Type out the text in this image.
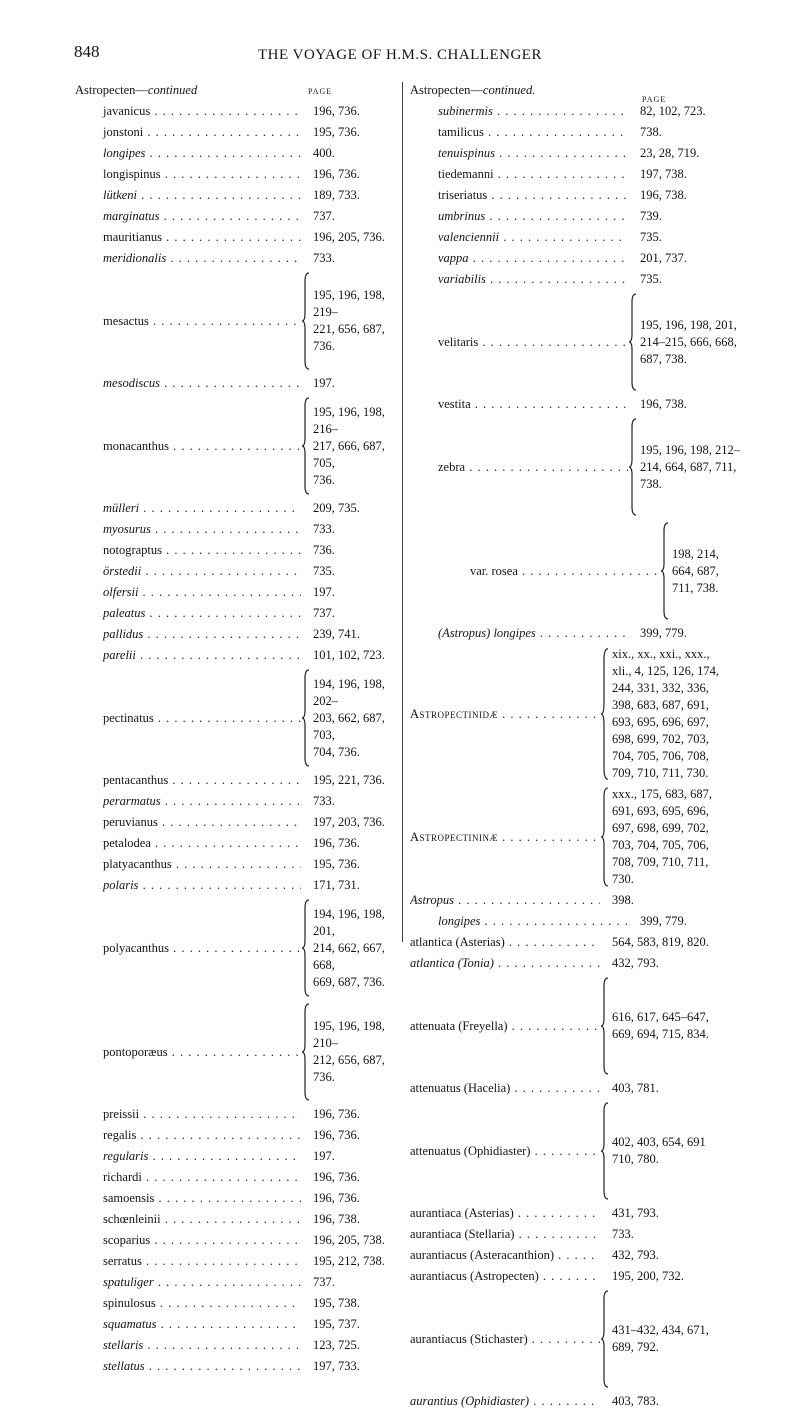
848	THE VOYAGE OF H.M.S. CHALLENGER
Astropecten—continued	PAGE
javanicus . .	196, 736.
jonstoni . .	195, 736.
longipes . .	400.
longispinus . .	196, 736.
lütkeni . .	189, 733.
marginatus . .	737.
mauritianus . .	196, 205, 736.
meridionalis . .	733.
mesactus . .
195, 196, 198, 219–
221, 656, 687, 736.
mesodiscus . .	197.
monacanthus . .
195, 196, 198, 216–
217, 666, 687, 705,
736.
mülleri . .	209, 735.
myosurus . .	733.
notograptus . .	736.
örstedii . .	735.
olfersii . .	197.
paleatus . .	737.
pallidus . .	239, 741.
parelii . .	101, 102, 723.
pectinatus . .
194, 196, 198, 202–
203, 662, 687, 703,
704, 736.
pentacanthus . .	195, 221, 736.
perarmatus . .	733.
peruvianus . .	197, 203, 736.
petalodea . .	196, 736.
platyacanthus . .	195, 736.
polaris . .	171, 731.
polyacanthus . .
194, 196, 198, 201,
214, 662, 667, 668,
669, 687, 736.
pontoporæus . .
195, 196, 198, 210–
212, 656, 687, 736.
preissii . .	196, 736.
regalis . .	196, 736.
regularis . .	197.
richardi . .	196, 736.
samoensis . .	196, 736.
schœnleinii . .	196, 738.
scoparius . .	196, 205, 738.
serratus . .	195, 212, 738.
spatuliger . .	737.
spinulosus . .	195, 738.
squamatus . .	195, 737.
stellaris . .	123, 725.
stellatus . .	197, 733.
Astropecten—continued.
PAGE
subinermis . .	82, 102, 723.
tamilicus . .	738.
tenuispinus . .	23, 28, 719.
tiedemanni . .	197, 738.
triseriatus . .	196, 738.
umbrinus . .	739.
valenciennii . .	735.
vappa . .	201, 737.
variabilis . .	735.
velitaris . .
195, 196, 198, 201,
214–215, 666, 668,
687, 738.
vestita . .	196, 738.
zebra . .
195, 196, 198, 212–
214, 664, 687, 711,
738.
var. rosea . .
198, 214, 664, 687,
711, 738.
(Astropus) longipes . .	399, 779.
Astropectinidæ . .
xix., xx., xxi., xxx.,
xli., 4, 125, 126, 174,
244, 331, 332, 336,
398, 683, 687, 691,
693, 695, 696, 697,
698, 699, 702, 703,
704, 705, 706, 708,
709, 710, 711, 730.
Astropectininæ . .
xxx., 175, 683, 687,
691, 693, 695, 696,
697, 698, 699, 702,
703, 704, 705, 706,
708, 709, 710, 711,
730.
Astropus . .	398.
longipes . .	399, 779.
atlantica (Asterias) . .	564, 583, 819, 820.
atlantica (Tonia) . .	432, 793.
attenuata (Freyella) . .
616, 617, 645–647,
669, 694, 715, 834.
attenuatus (Hacelia) . .	403, 781.
attenuatus (Ophidiaster) . .
402, 403, 654, 691
710, 780.
aurantiaca (Asterias) . .	431, 793.
aurantiaca (Stellaria) . .	733.
aurantiacus (Asteracanthion) . .	432, 793.
aurantiacus (Astropecten) . .	195, 200, 732.
aurantiacus (Stichaster) . .
431–432, 434, 671,
689, 792.
aurantius (Ophidiaster) . .	403, 783.
